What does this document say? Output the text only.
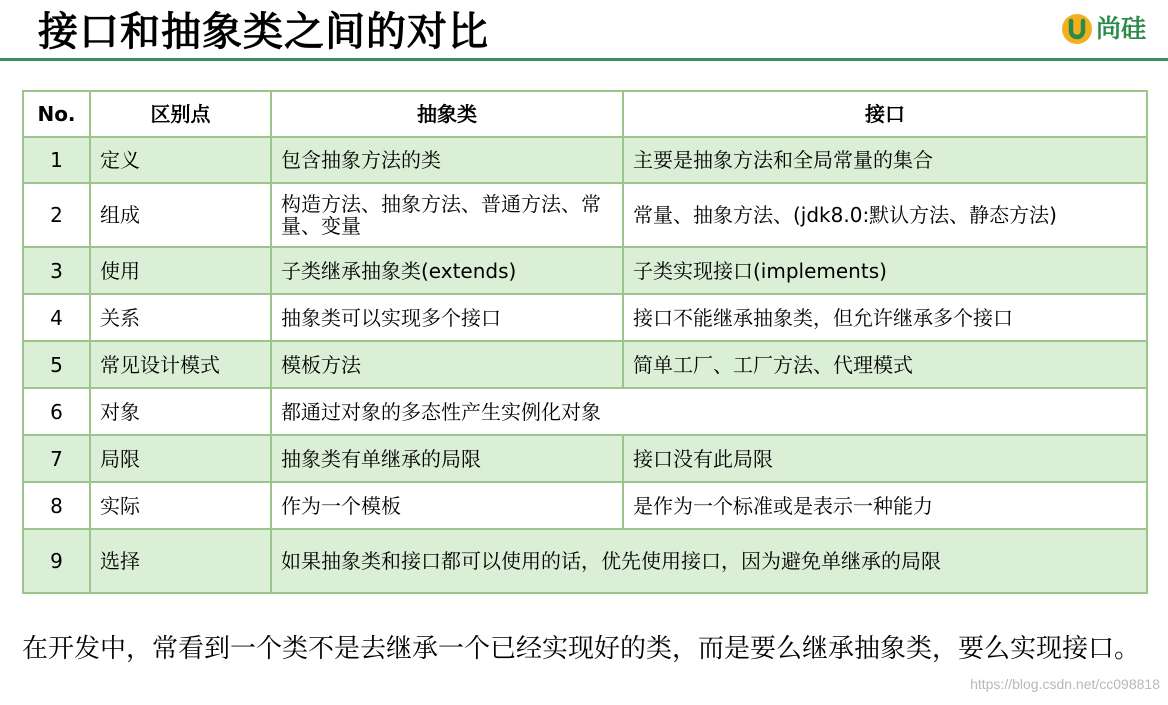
接口和抽象类之间的对比	尚硅
No.	区别点	抽象类	接口
1	定义	包含抽象方法的类	主要是抽象方法和全局常量的集合
2	组成	构造方法、抽象方法、普通方法、常量、变量	常量、抽象方法、(jdk8.0:默认方法、静态方法)
3	使用	子类继承抽象类(extends)	子类实现接口(implements)
4	关系	抽象类可以实现多个接口	接口不能继承抽象类，但允许继承多个接口
5	常见设计模式	模板方法	简单工厂、工厂方法、代理模式
6	对象	都通过对象的多态性产生实例化对象	
7	局限	抽象类有单继承的局限	接口没有此局限
8	实际	作为一个模板	是作为一个标准或是表示一种能力
9	选择	如果抽象类和接口都可以使用的话，优先使用接口，因为避免单继承的局限	
在开发中，常看到一个类不是去继承一个已经实现好的类，而是要么继承抽象类，要么实现接口。
https://blog.csdn.net/cc098818
